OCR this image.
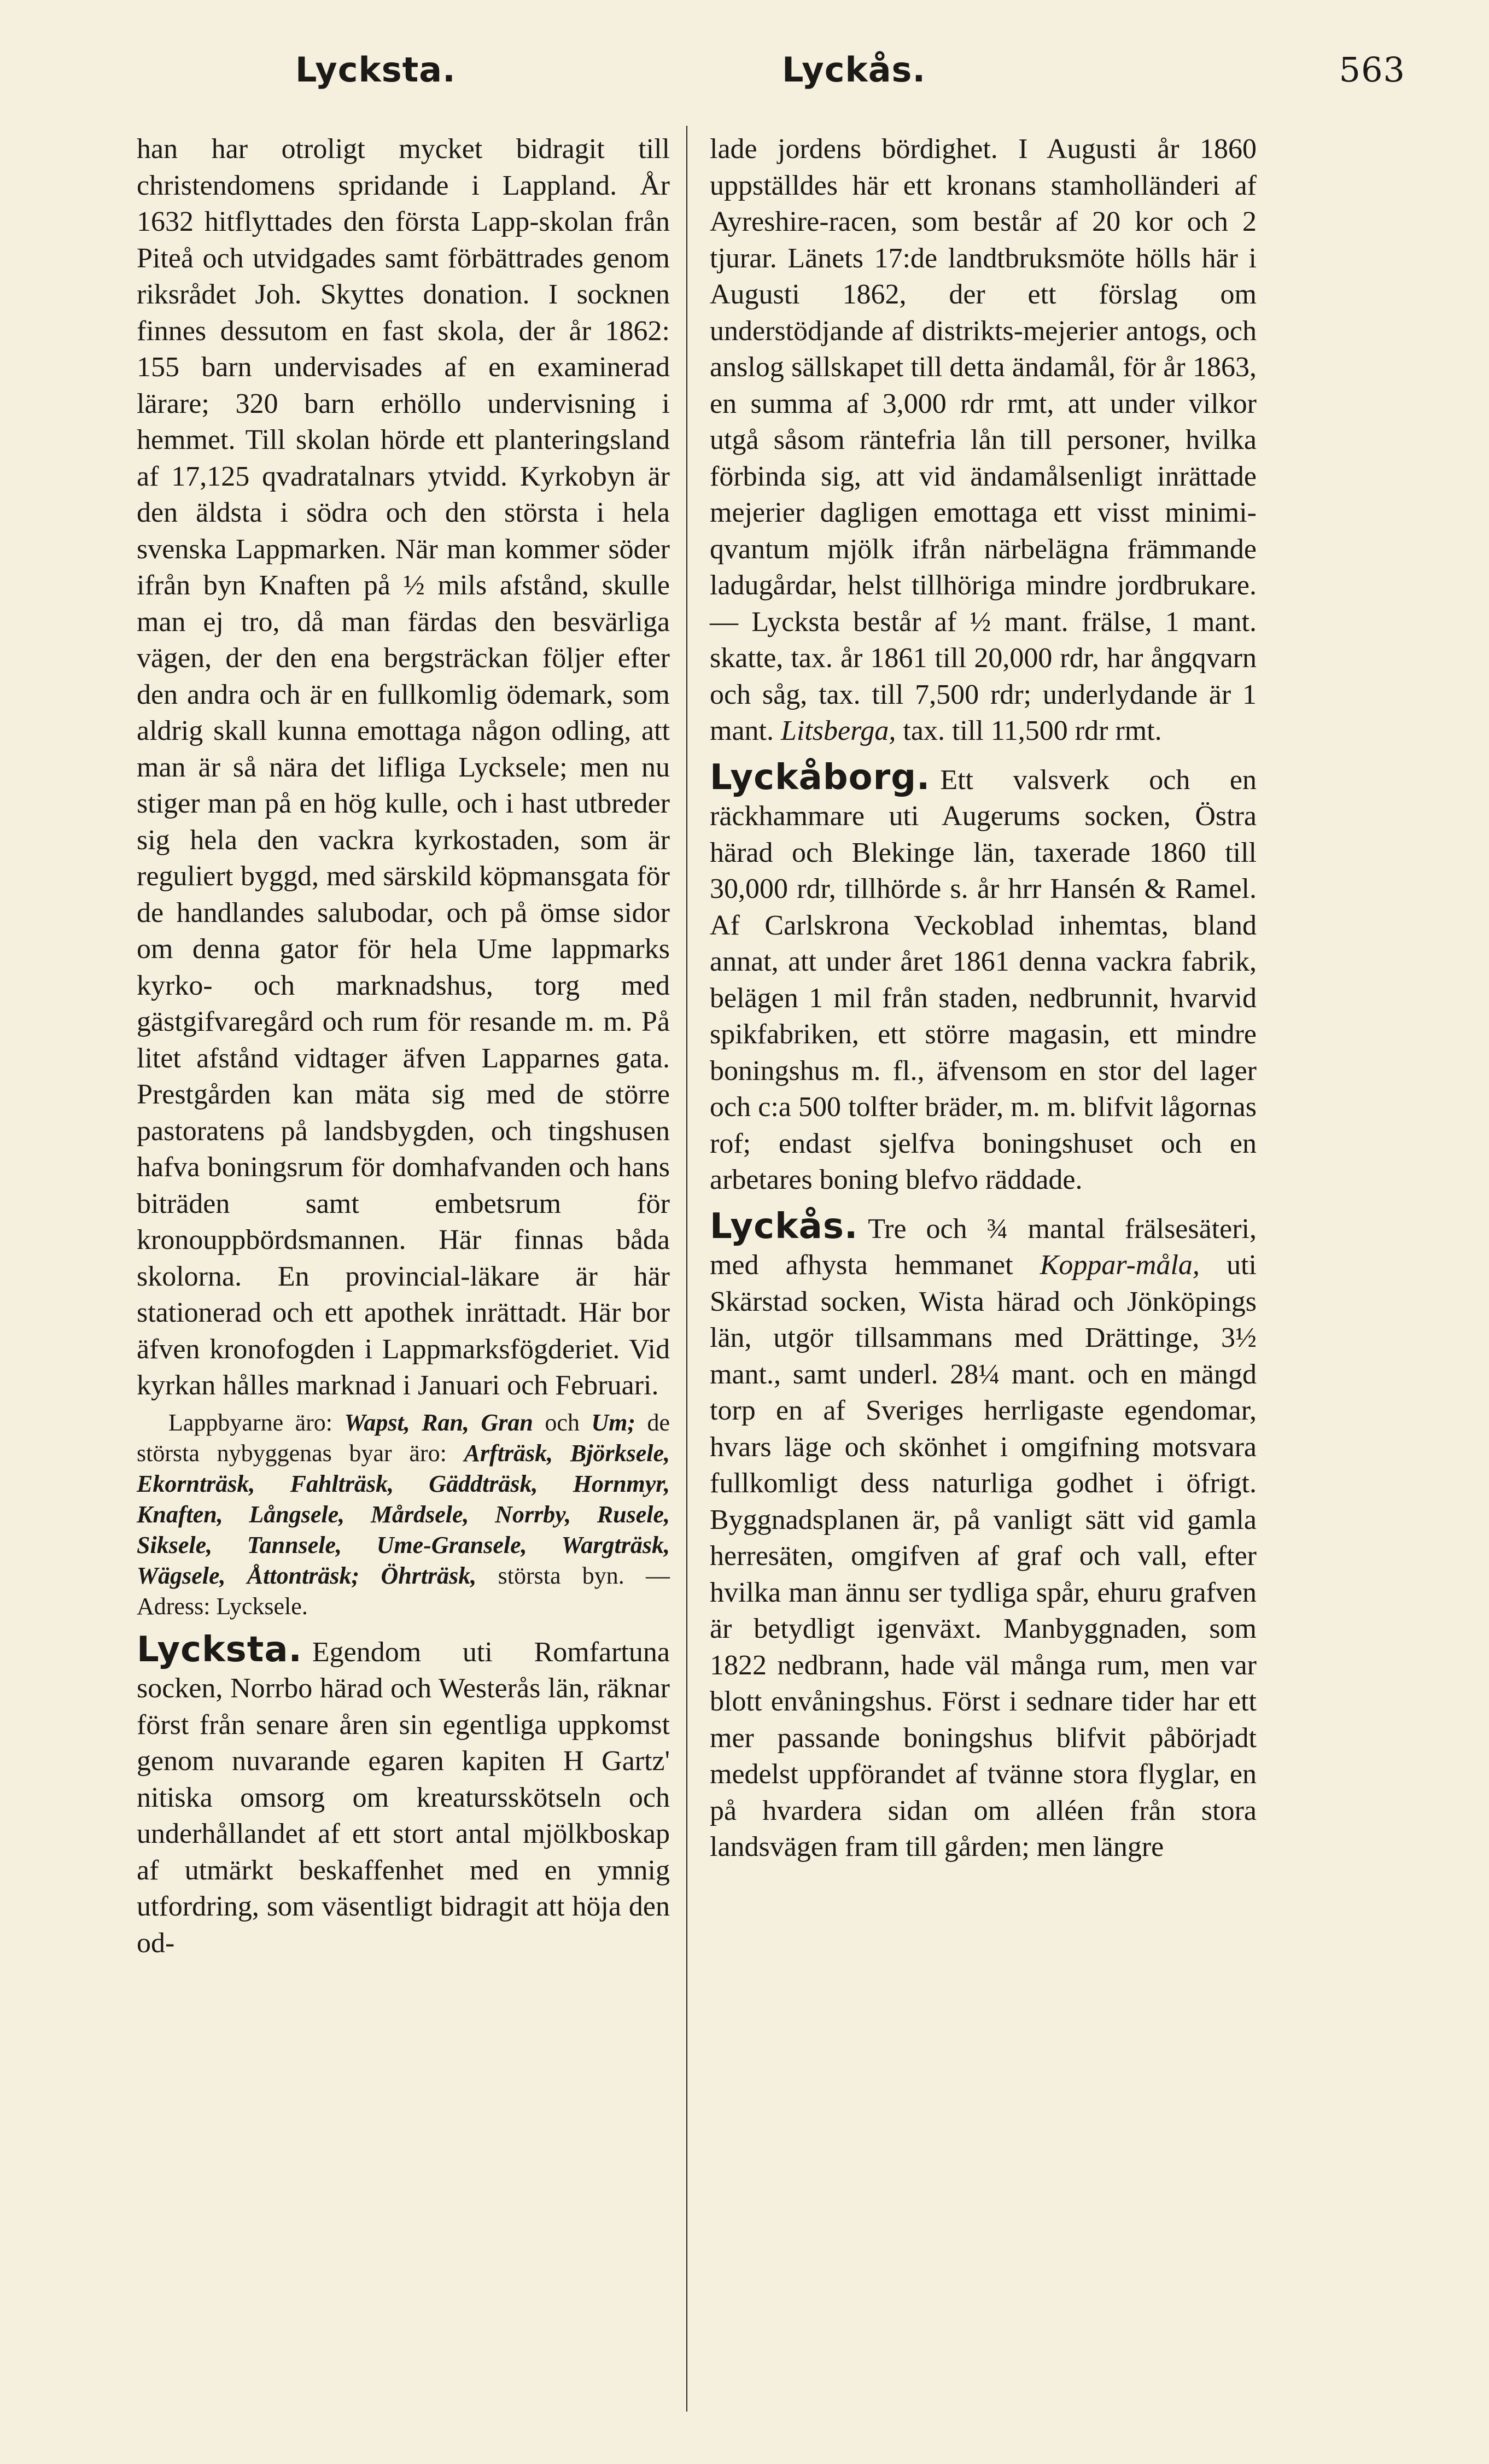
Lycksta.	Lyckås.	563

han har otroligt mycket bidragit till christendomens spridande i Lappland. År 1632 hitflyttades den första Lapp-skolan från Piteå och utvidgades samt förbättrades genom riksrådet Joh. Skyttes donation. I socknen finnes dessutom en fast skola, der år 1862: 155 barn undervisades af en examinerad lärare; 320 barn erhöllo undervisning i hemmet. Till skolan hörde ett planteringsland af 17,125 qvadratalnars ytvidd. Kyrkobyn är den äldsta i södra och den största i hela svenska Lappmarken. När man kommer söder ifrån byn Knaften på ½ mils afstånd, skulle man ej tro, då man färdas den besvärliga vägen, der den ena bergsträckan följer efter den andra och är en fullkomlig ödemark, som aldrig skall kunna emottaga någon odling, att man är så nära det lifliga Lycksele; men nu stiger man på en hög kulle, och i hast utbreder sig hela den vackra kyrkostaden, som är reguliert byggd, med särskild köpmansgata för de handlandes salubodar, och på ömse sidor om denna gator för hela Ume lappmarks kyrko- och marknadshus, torg med gästgifvaregård och rum för resande m. m. På litet afstånd vidtager äfven Lapparnes gata. Prestgården kan mäta sig med de större pastoratens på landsbygden, och tingshusen hafva boningsrum för domhafvanden och hans biträden samt embetsrum för kronouppbördsmannen. Här finnas båda skolorna. En provincial-läkare är här stationerad och ett apothek inrättadt. Här bor äfven kronofogden i Lappmarksfögderiet. Vid kyrkan hålles marknad i Januari och Februari.

Lappbyarne äro: Wapst, Ran, Gran och Um; de största nybyggenas byar äro: Arfträsk, Björksele, Ekornträsk, Fahlträsk, Gäddträsk, Hornmyr, Knaften, Långsele, Mårdsele, Norrby, Rusele, Siksele, Tannsele, Ume-Gransele, Wargträsk, Wägsele, Åttonträsk; Öhrträsk, största byn. — Adress: Lycksele.

Lycksta. Egendom uti Romfartuna socken, Norrbo härad och Westerås län, räknar först från senare åren sin egentliga uppkomst genom nuvarande egaren kapiten H Gartz' nitiska omsorg om kreatursskötseln och underhållandet af ett stort antal mjölkboskap af utmärkt beskaffenhet med en ymnig utfordring, som väsentligt bidragit att höja den od-

lade jordens bördighet. I Augusti år 1860 uppställdes här ett kronans stamholländeri af Ayreshire-racen, som består af 20 kor och 2 tjurar. Länets 17:de landtbruksmöte hölls här i Augusti 1862, der ett förslag om understödjande af distrikts-mejerier antogs, och anslog sällskapet till detta ändamål, för år 1863, en summa af 3,000 rdr rmt, att under vilkor utgå såsom räntefria lån till personer, hvilka förbinda sig, att vid ändamålsenligt inrättade mejerier dagligen emottaga ett visst minimi-qvantum mjölk ifrån närbelägna främmande ladugårdar, helst tillhöriga mindre jordbrukare. — Lycksta består af ½ mant. frälse, 1 mant. skatte, tax. år 1861 till 20,000 rdr, har ångqvarn och såg, tax. till 7,500 rdr; underlydande är 1 mant. Litsberga, tax. till 11,500 rdr rmt.

Lyckåborg. Ett valsverk och en räckhammare uti Augerums socken, Östra härad och Blekinge län, taxerade 1860 till 30,000 rdr, tillhörde s. år hrr Hansén & Ramel. Af Carlskrona Veckoblad inhemtas, bland annat, att under året 1861 denna vackra fabrik, belägen 1 mil från staden, nedbrunnit, hvarvid spikfabriken, ett större magasin, ett mindre boningshus m. fl., äfvensom en stor del lager och c:a 500 tolfter bräder, m. m. blifvit lågornas rof; endast sjelfva boningshuset och en arbetares boning blefvo räddade.

Lyckås. Tre och ¾ mantal frälsesäteri, med afhysta hemmanet Koppar-måla, uti Skärstad socken, Wista härad och Jönköpings län, utgör tillsammans med Drättinge, 3½ mant., samt underl. 28¼ mant. och en mängd torp en af Sveriges herrligaste egendomar, hvars läge och skönhet i omgifning motsvara fullkomligt dess naturliga godhet i öfrigt. Byggnadsplanen är, på vanligt sätt vid gamla herresäten, omgifven af graf och vall, efter hvilka man ännu ser tydliga spår, ehuru grafven är betydligt igenväxt. Manbyggnaden, som 1822 nedbrann, hade väl många rum, men var blott envåningshus. Först i sednare tider har ett mer passande boningshus blifvit påbörjadt medelst uppförandet af tvänne stora flyglar, en på hvardera sidan om alléen från stora landsvägen fram till gården; men längre
